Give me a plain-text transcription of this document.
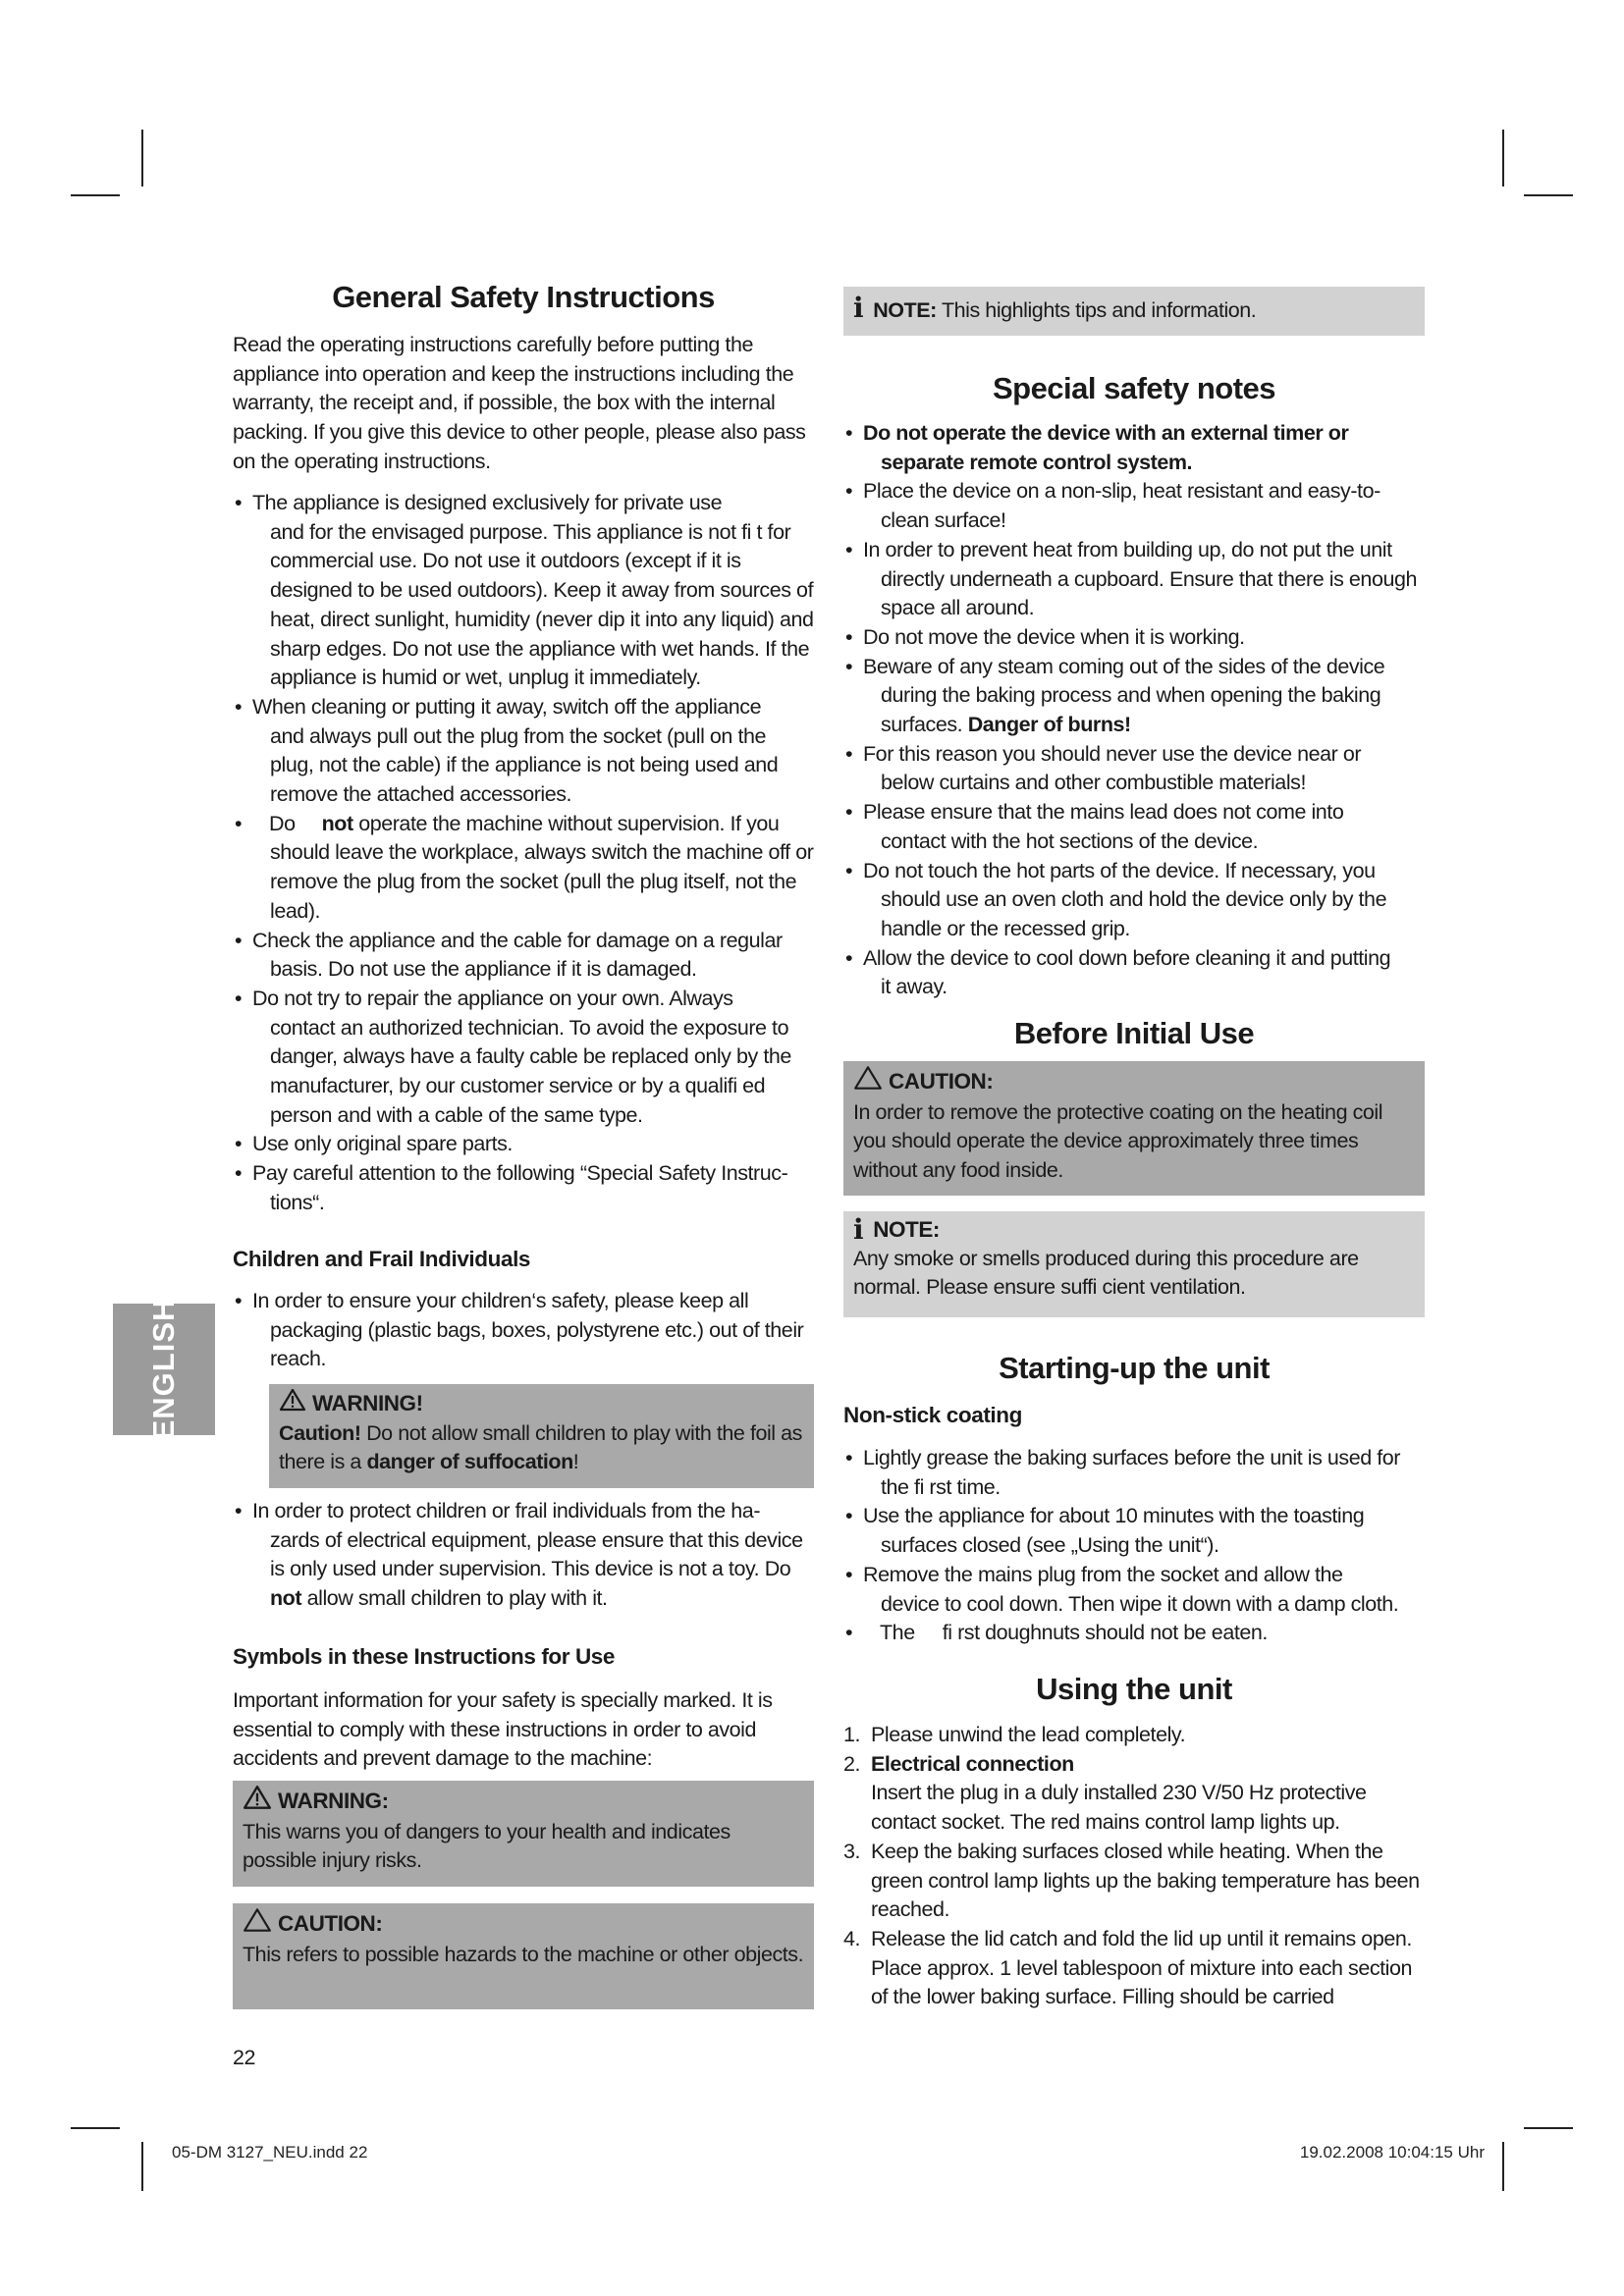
ENGLISH
General Safety Instructions

Read the operating instructions carefully before putting the appliance into operation and keep the instructions including the warranty, the receipt and, if possible, the box with the internal packing. If you give this device to other people, please also pass on the operating instructions.

• The appliance is designed exclusively for private use
and for the envisaged purpose. This appliance is not fi t for commercial use. Do not use it outdoors (except if it is designed to be used outdoors). Keep it away from sources of heat, direct sunlight, humidity (never dip it into any liquid) and sharp edges. Do not use the appliance with wet hands. If the appliance is humid or wet, unplug it immediately.
• When cleaning or putting it away, switch off the appliance
and always pull out the plug from the socket (pull on the plug, not the cable) if the appliance is not being used and remove the attached accessories.
• Do not operate the machine without supervision. If you
should leave the workplace, always switch the machine off or remove the plug from the socket (pull the plug itself, not the lead).
• Check the appliance and the cable for damage on a regular
basis. Do not use the appliance if it is damaged.
• Do not try to repair the appliance on your own. Always
contact an authorized technician. To avoid the exposure to danger, always have a faulty cable be replaced only by the manufacturer, by our customer service or by a qualifi ed person and with a cable of the same type.
• Use only original spare parts.
• Pay careful attention to the following “Special Safety Instruc-
tions“.
Children and Frail Individuals
• In order to ensure your children‘s safety, please keep all
packaging (plastic bags, boxes, polystyrene etc.) out of their reach.
WARNING!
Caution! Do not allow small children to play with the foil as there is a danger of suffocation!
• In order to protect children or frail individuals from the ha-
zards of electrical equipment, please ensure that this device is only used under supervision. This device is not a toy. Do not allow small children to play with it.
Symbols in these Instructions for Use

Important information for your safety is specially marked. It is essential to comply with these instructions in order to avoid accidents and prevent damage to the machine:

WARNING:
This warns you of dangers to your health and indicates possible injury risks.
CAUTION:
This refers to possible hazards to the machine or other objects.
22
i NOTE: This highlights tips and information.
Special safety notes
• Do not operate the device with an external timer or
separate remote control system.
• Place the device on a non-slip, heat resistant and easy-to-
clean surface!
• In order to prevent heat from building up, do not put the unit
directly underneath a cupboard. Ensure that there is enough space all around.
• Do not move the device when it is working.
• Beware of any steam coming out of the sides of the device
during the baking process and when opening the baking surfaces. Danger of burns!
• For this reason you should never use the device near or
below curtains and other combustible materials!
• Please ensure that the mains lead does not come into
contact with the hot sections of the device.
• Do not touch the hot parts of the device. If necessary, you
should use an oven cloth and hold the device only by the handle or the recessed grip.
• Allow the device to cool down before cleaning it and putting
it away.
Before Initial Use
CAUTION:
In order to remove the protective coating on the heating coil you should operate the device approximately three times without any food inside.
i NOTE:
Any smoke or smells produced during this procedure are normal. Please ensure suffi cient ventilation.
Starting-up the unit
Non-stick coating
• Lightly grease the baking surfaces before the unit is used for
the fi rst time.
• Use the appliance for about 10 minutes with the toasting
surfaces closed (see „Using the unit“).
• Remove the mains plug from the socket and allow the
device to cool down. Then wipe it down with a damp cloth.
• The fi rst doughnuts should not be eaten.
Using the unit
1. Please unwind the lead completely.
2. Electrical connection
Insert the plug in a duly installed 230 V/50 Hz protective contact socket. The red mains control lamp lights up.
3. Keep the baking surfaces closed while heating. When the green control lamp lights up the baking temperature has been reached.
4. Release the lid catch and fold the lid up until it remains open. Place approx. 1 level tablespoon of mixture into each section of the lower baking surface. Filling should be carried
05-DM 3127_NEU.indd 22	19.02.2008 10:04:15 Uhr
